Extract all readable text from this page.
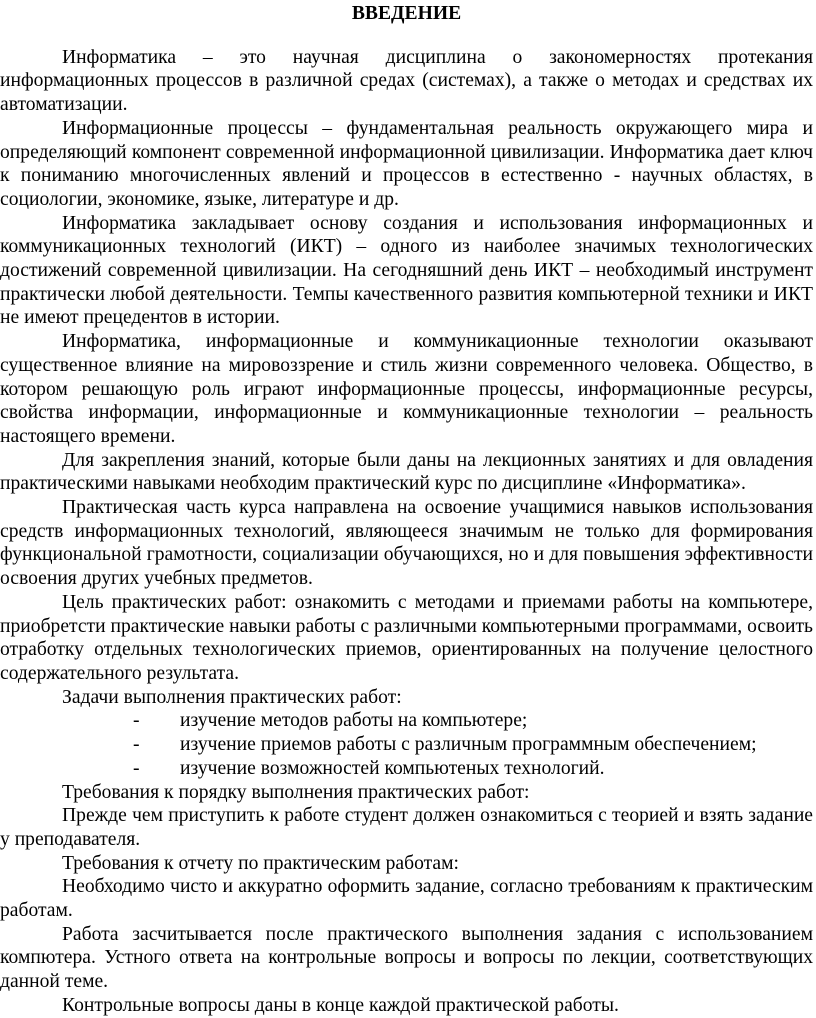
ВВЕДЕНИЕ

Информатика – это научная дисциплина о закономерностях протекания информационных процессов в различной средах (системах), а также о методах и средствах их автоматизации.

Информационные процессы – фундаментальная реальность окружающего мира и определяющий компонент современной информационной цивилизации. Информатика дает ключ к пониманию многочисленных явлений и процессов в естественно - научных областях, в социологии, экономике, языке, литературе и др.

Информатика закладывает основу создания и использования информационных и коммуникационных технологий (ИКТ) – одного из наиболее значимых технологических достижений современной цивилизации. На сегодняшний день ИКТ – необходимый инструмент практически любой деятельности. Темпы качественного развития компьютерной техники и ИКТ не имеют прецедентов в истории.

Информатика, информационные и коммуникационные технологии оказывают существенное влияние на мировоззрение и стиль жизни современного человека. Общество, в котором решающую роль играют информационные процессы, информационные ресурсы, свойства информации, информационные и коммуникационные технологии – реальность настоящего времени.

Для закрепления знаний, которые были даны на лекционных занятиях и для овладения практическими навыками необходим практический курс по дисциплине «Информатика».

Практическая часть курса направлена на освоение учащимися навыков использования средств информационных технологий, являющееся значимым не только для формирования функциональной грамотности, социализации обучающихся, но и для повышения эффективности освоения других учебных предметов.

Цель практических работ: ознакомить с методами и приемами работы на компьютере, приобретсти практические навыки работы с различными компьютерными программами, освоить отработку отдельных технологических приемов, ориентированных на получение целостного содержательного результата.

Задачи выполнения практических работ:

- изучение методов работы на компьютере;
- изучение приемов работы с различным программным обеспечением;
- изучение возможностей компьютеных технологий.

Требования к порядку выполнения практических работ:

Прежде чем приступить к работе студент должен ознакомиться с теорией и взять задание у преподавателя.

Требования к отчету по практическим работам:

Необходимо чисто и аккуратно оформить задание, согласно требованиям к практическим работам.

Работа засчитывается после практического выполнения задания с использованием компютера. Устного ответа на контрольные вопросы и вопросы по лекции, соответствующих данной теме.

Контрольные вопросы даны в конце каждой практической работы.
